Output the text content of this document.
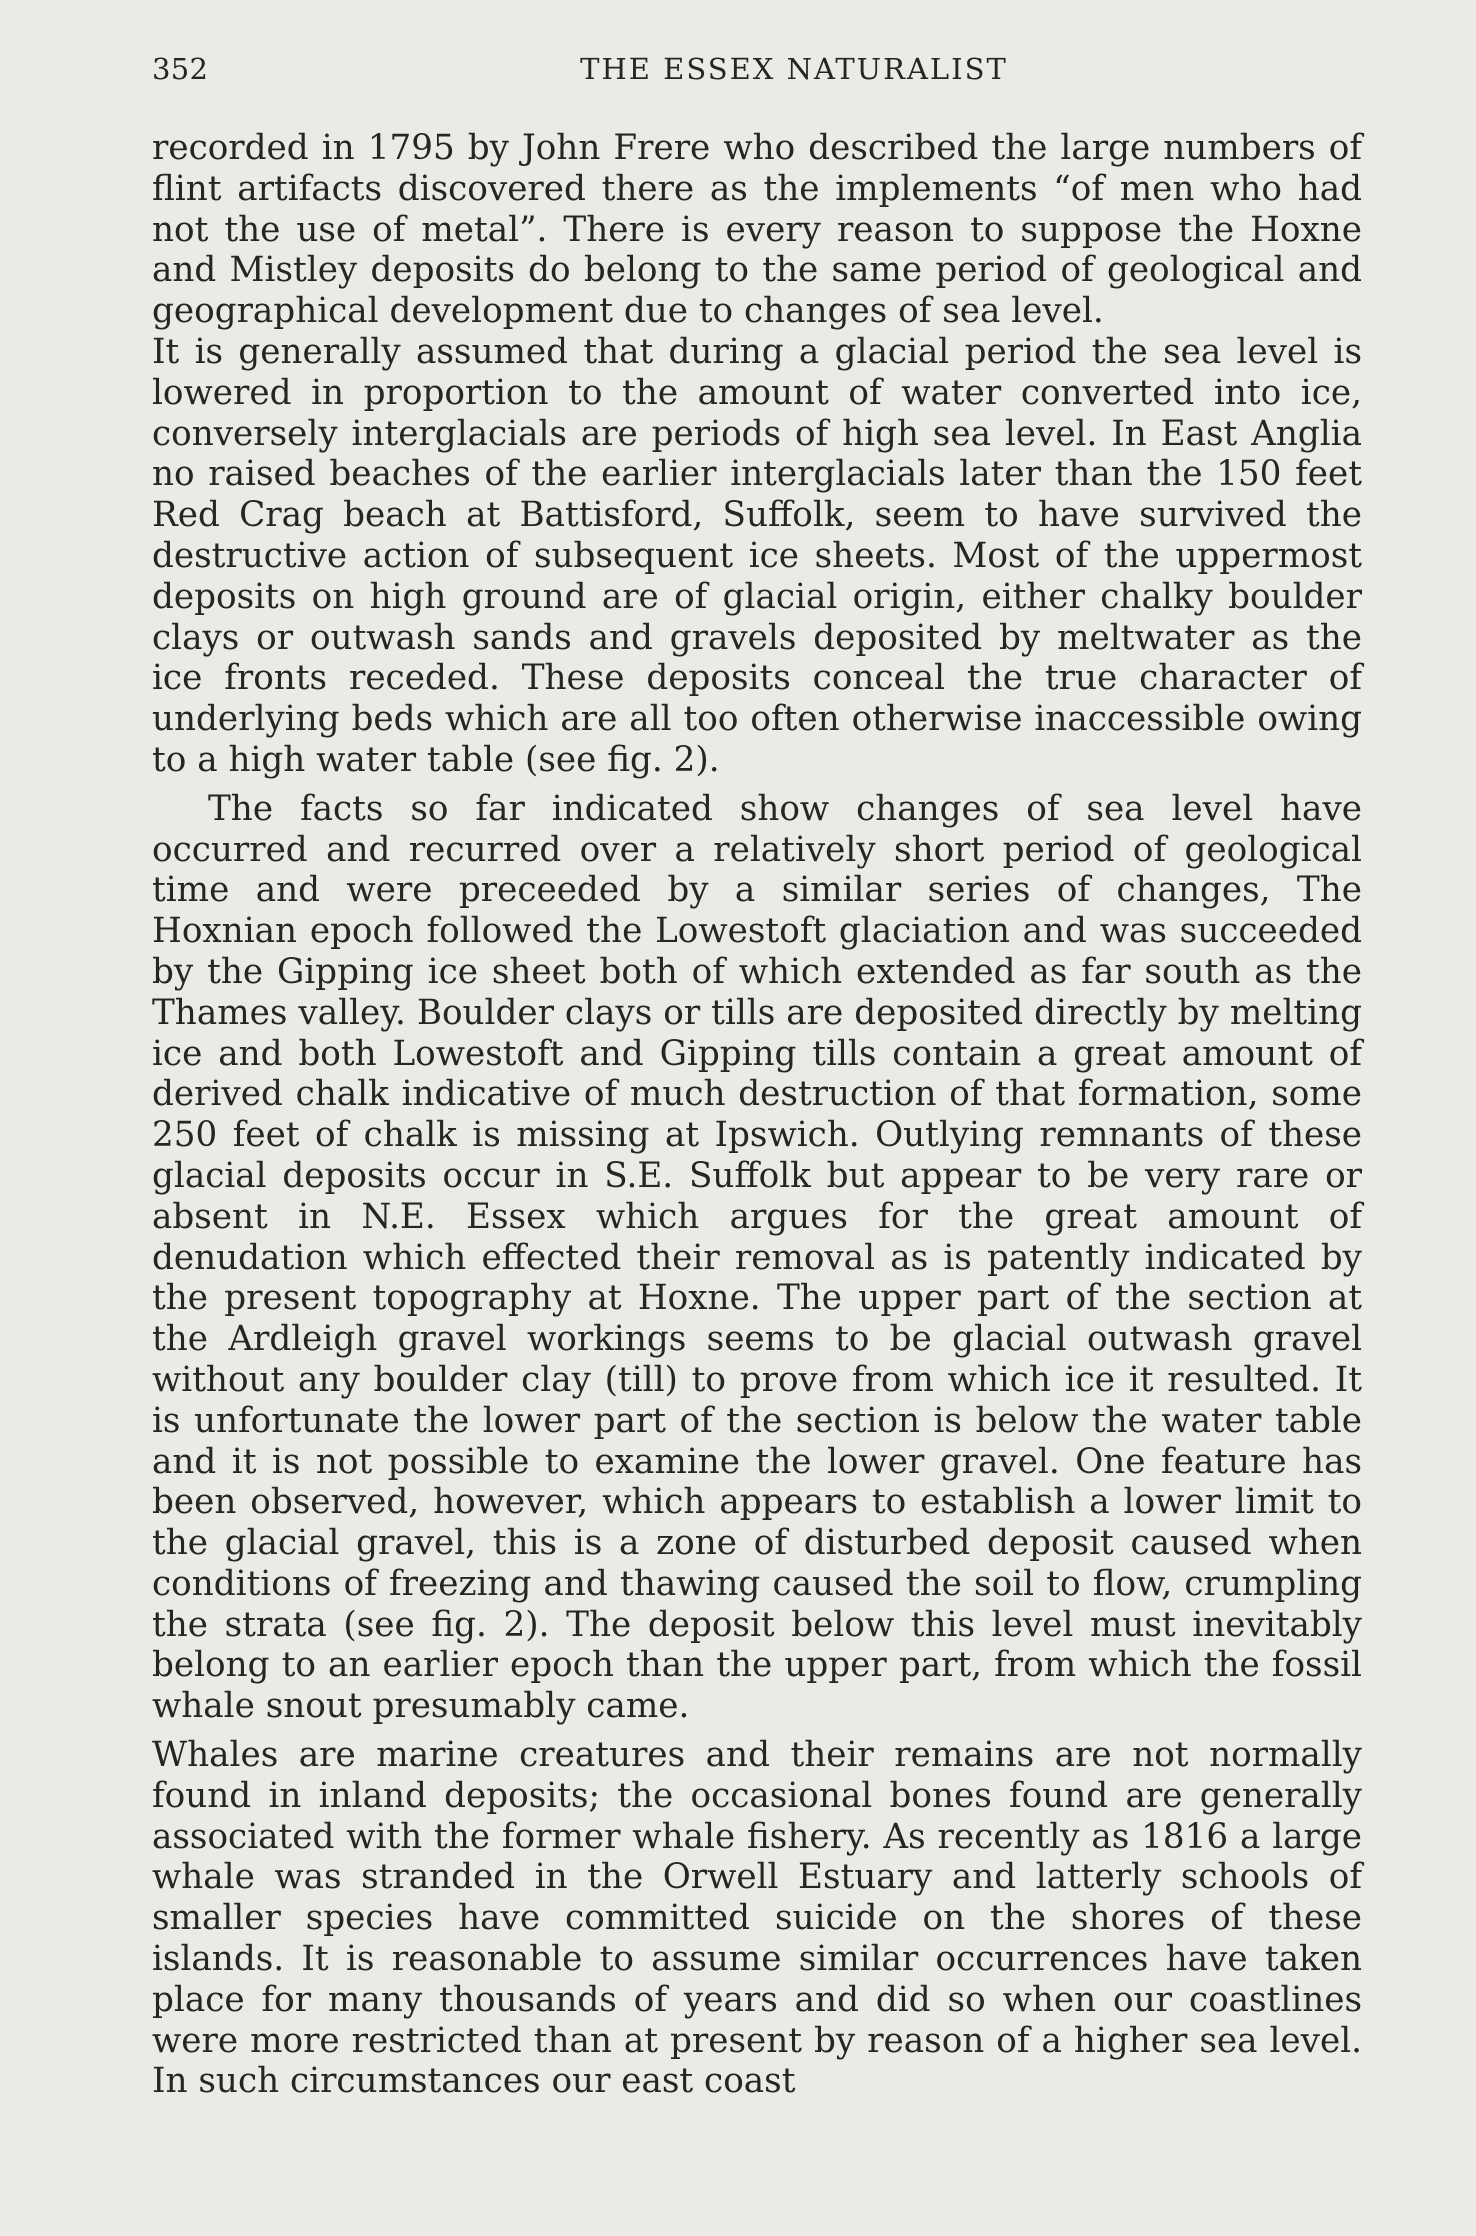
352	THE ESSEX NATURALIST

recorded in 1795 by John Frere who described the large numbers of flint artifacts discovered there as the implements “of men who had not the use of metal”. There is every reason to suppose the Hoxne and Mistley deposits do belong to the same period of geological and geographical development due to changes of sea level.

It is generally assumed that during a glacial period the sea level is lowered in proportion to the amount of water converted into ice, conversely interglacials are periods of high sea level. In East Anglia no raised beaches of the earlier interglacials later than the 150 feet Red Crag beach at Battisford, Suffolk, seem to have survived the destructive action of subsequent ice sheets. Most of the uppermost deposits on high ground are of glacial origin, either chalky boulder clays or outwash sands and gravels deposited by meltwater as the ice fronts receded. These deposits conceal the true character of underlying beds which are all too often otherwise inaccessible owing to a high water table (see fig. 2).

The facts so far indicated show changes of sea level have occurred and recurred over a relatively short period of geological time and were preceeded by a similar series of changes, The Hoxnian epoch followed the Lowestoft glaciation and was succeeded by the Gipping ice sheet both of which extended as far south as the Thames valley. Boulder clays or tills are deposited directly by melting ice and both Lowestoft and Gipping tills contain a great amount of derived chalk indicative of much destruction of that formation, some 250 feet of chalk is missing at Ipswich. Outlying remnants of these glacial deposits occur in S.E. Suffolk but appear to be very rare or absent in N.E. Essex which argues for the great amount of denudation which effected their removal as is patently indicated by the present topography at Hoxne. The upper part of the section at the Ardleigh gravel workings seems to be glacial outwash gravel without any boulder clay (till) to prove from which ice it resulted. It is unfortunate the lower part of the section is below the water table and it is not possible to examine the lower gravel. One feature has been observed, however, which appears to establish a lower limit to the glacial gravel, this is a zone of disturbed deposit caused when conditions of freezing and thawing caused the soil to flow, crumpling the strata (see fig. 2). The deposit below this level must inevitably belong to an earlier epoch than the upper part, from which the fossil whale snout presumably came.

Whales are marine creatures and their remains are not normally found in inland deposits; the occasional bones found are generally associated with the former whale fishery. As recently as 1816 a large whale was stranded in the Orwell Estuary and latterly schools of smaller species have committed suicide on the shores of these islands. It is reasonable to assume similar occurrences have taken place for many thousands of years and did so when our coastlines were more restricted than at present by reason of a higher sea level. In such circumstances our east coast
